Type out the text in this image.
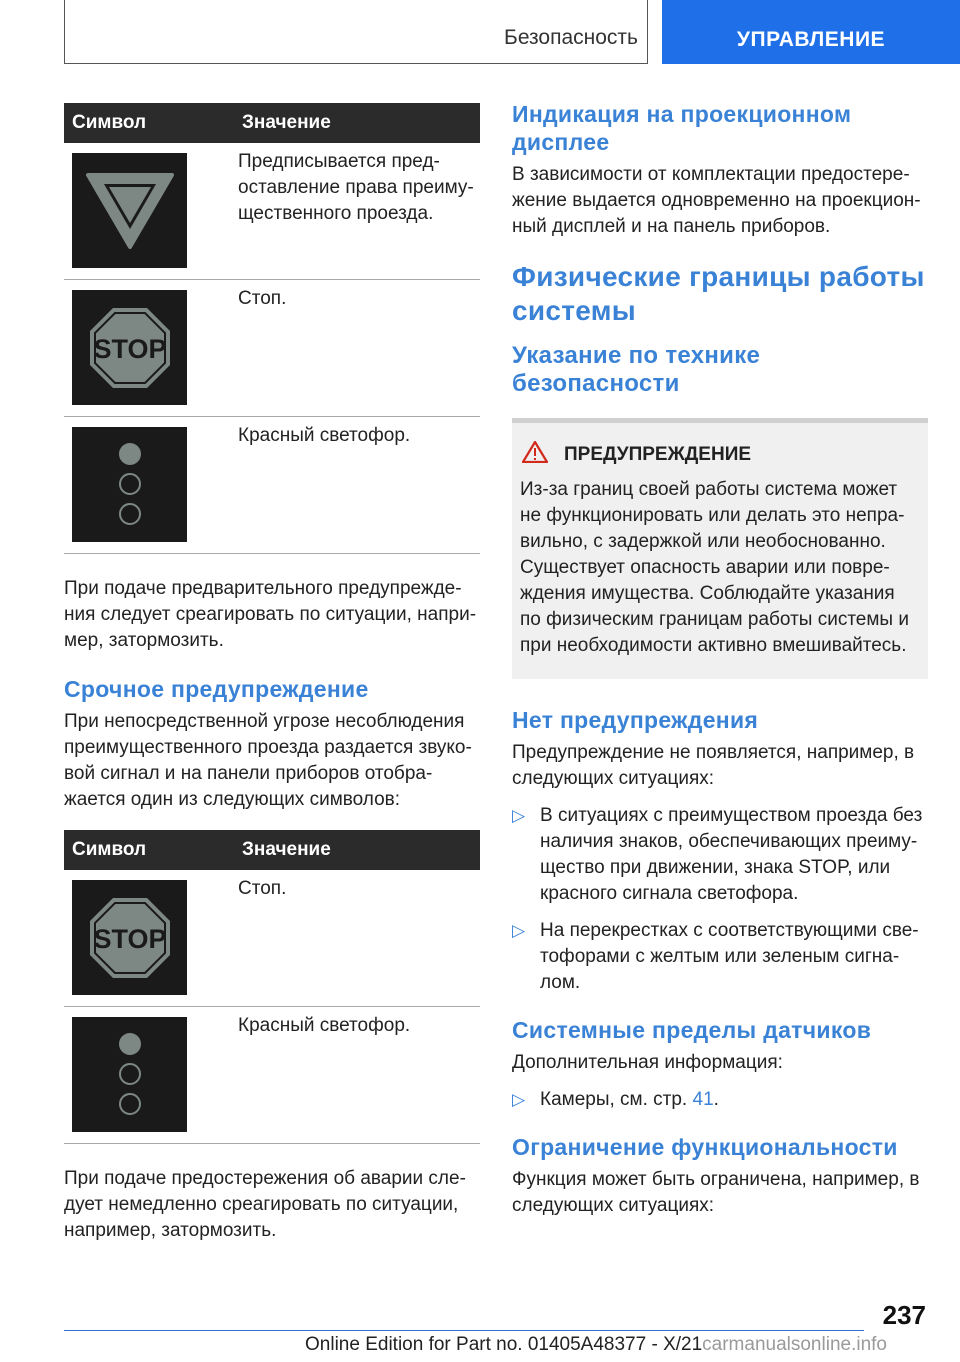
Безопасность	УПРАВЛЕНИЕ
Символ	Значение

	Предписывается пред-оставление права преиму-щественного проезда.

STOP	Стоп.

	Красный светофор.

При подаче предварительного предупрежде-ния следует среагировать по ситуации, напри-мер, затормозить.

Срочное предупреждение

При непосредственной угрозе несоблюдения преимущественного проезда раздается звуко-вой сигнал и на панели приборов отобра-жается один из следующих символов:

Символ	Значение

STOP	Стоп.

	Красный светофор.

При подаче предостережения об аварии сле-дует немедленно среагировать по ситуации, например, затормозить.

Индикация на проекционном дисплее

В зависимости от комплектации предостере-жение выдается одновременно на проекцион-ный дисплей и на панель приборов.

Физические границы работы системы
Указание по технике безопасности
ПРЕДУПРЕЖДЕНИЕ

Из-за границ своей работы система может не функционировать или делать это непра-вильно, с задержкой или необоснованно. Существует опасность аварии или повре-ждения имущества. Соблюдайте указания по физическим границам работы системы и при необходимости активно вмешивайтесь.

Нет предупреждения

Предупреждение не появляется, например, в следующих ситуациях:

▷ В ситуациях с преимуществом проезда без наличия знаков, обеспечивающих преиму-щество при движении, знака STOP, или красного сигнала светофора.
▷ На перекрестках с соответствующими све-тофорами с желтым или зеленым сигна-лом.
Системные пределы датчиков

Дополнительная информация:

▷ Камеры, см. стр. 41.
Ограничение функциональности

Функция может быть ограничена, например, в следующих ситуациях:

237
Online Edition for Part no. 01405A48377 - X/21carmanualsonline.info
